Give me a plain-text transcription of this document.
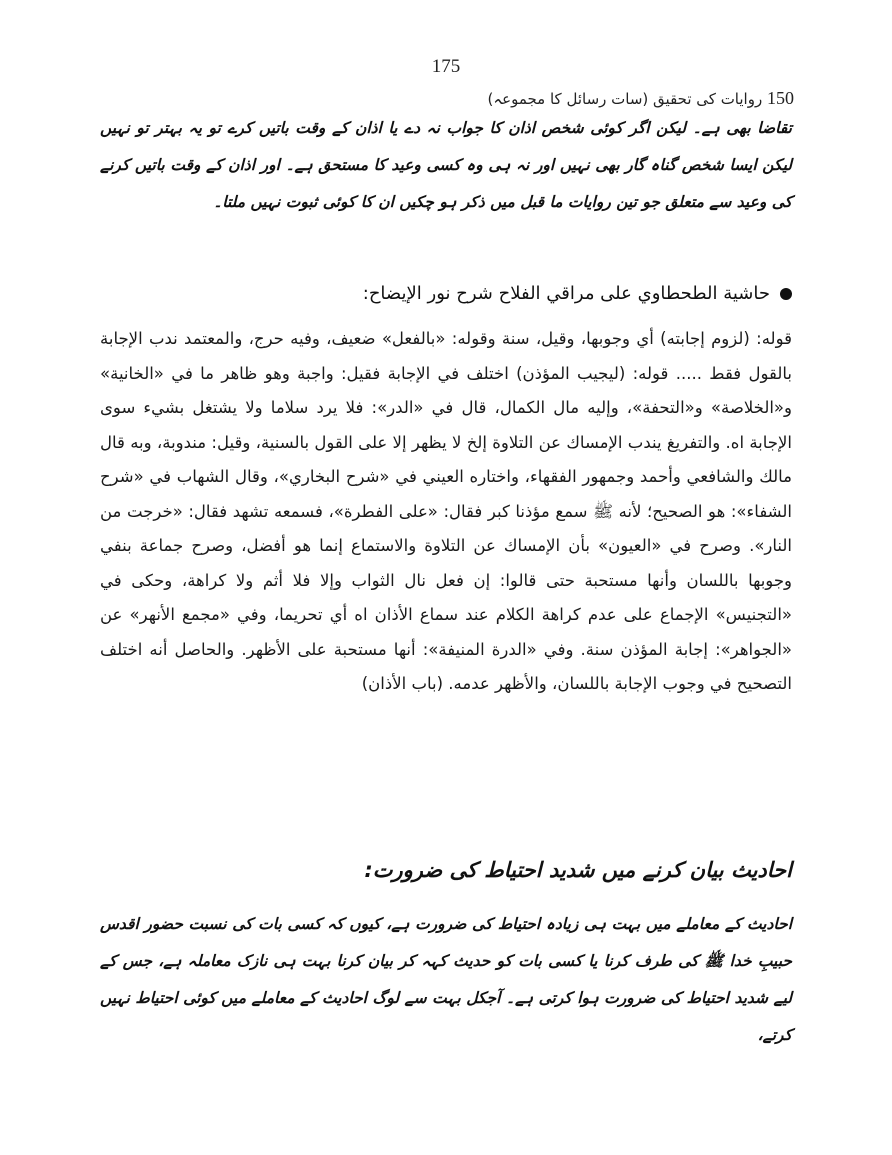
175
150 روایات کی تحقیق (سات رسائل کا مجموعہ)

تقاضا بھی ہے۔ لیکن اگر کوئی شخص اذان کا جواب نہ دے یا اذان کے وقت باتیں کرے تو یہ بہتر تو نہیں لیکن ایسا شخص گناہ گار بھی نہیں اور نہ ہی وہ کسی وعید کا مستحق ہے۔ اور اذان کے وقت باتیں کرنے کی وعید سے متعلق جو تین روایات ما قبل میں ذکر ہو چکیں ان کا کوئی ثبوت نہیں ملتا۔

حاشية الطحطاوي على مراقي الفلاح شرح نور الإيضاح:

قوله: (لزوم إجابته) أي وجوبها، وقيل، سنة وقوله: «بالفعل» ضعيف، وفيه حرج، والمعتمد ندب الإجابة بالقول فقط ..... قوله: (ليجيب المؤذن) اختلف في الإجابة فقيل: واجبة وهو ظاهر ما في «الخانية» و«الخلاصة» و«التحفة»، وإليه مال الكمال، قال في «الدر»: فلا يرد سلاما ولا يشتغل بشيء سوى الإجابة اه. والتفريغ يندب الإمساك عن التلاوة إلخ لا يظهر إلا على القول بالسنية، وقيل: مندوبة، وبه قال مالك والشافعي وأحمد وجمهور الفقهاء، واختاره العيني في «شرح البخاري»، وقال الشهاب في «شرح الشفاء»: هو الصحيح؛ لأنه ﷺ سمع مؤذنا كبر فقال: «على الفطرة»، فسمعه تشهد فقال: «خرجت من النار». وصرح في «العيون» بأن الإمساك عن التلاوة والاستماع إنما هو أفضل، وصرح جماعة بنفي وجوبها باللسان وأنها مستحبة حتى قالوا: إن فعل نال الثواب وإلا فلا أثم ولا كراهة، وحكى في «التجنيس» الإجماع على عدم كراهة الكلام عند سماع الأذان اه أي تحريما، وفي «مجمع الأنهر» عن «الجواهر»: إجابة المؤذن سنة. وفي «الدرة المنيفة»: أنها مستحبة على الأظهر. والحاصل أنه اختلف التصحيح في وجوب الإجابة باللسان، والأظهر عدمه. (باب الأذان)

احادیث بیان کرنے میں شدید احتیاط کی ضرورت:

احادیث کے معاملے میں بہت ہی زیادہ احتیاط کی ضرورت ہے، کیوں کہ کسی بات کی نسبت حضور اقدس حبیبِ خدا ﷺ کی طرف کرنا یا کسی بات کو حدیث کہہ کر بیان کرنا بہت ہی نازک معاملہ ہے، جس کے لیے شدید احتیاط کی ضرورت ہوا کرتی ہے۔ آجکل بہت سے لوگ احادیث کے معاملے میں کوئی احتیاط نہیں کرتے،
